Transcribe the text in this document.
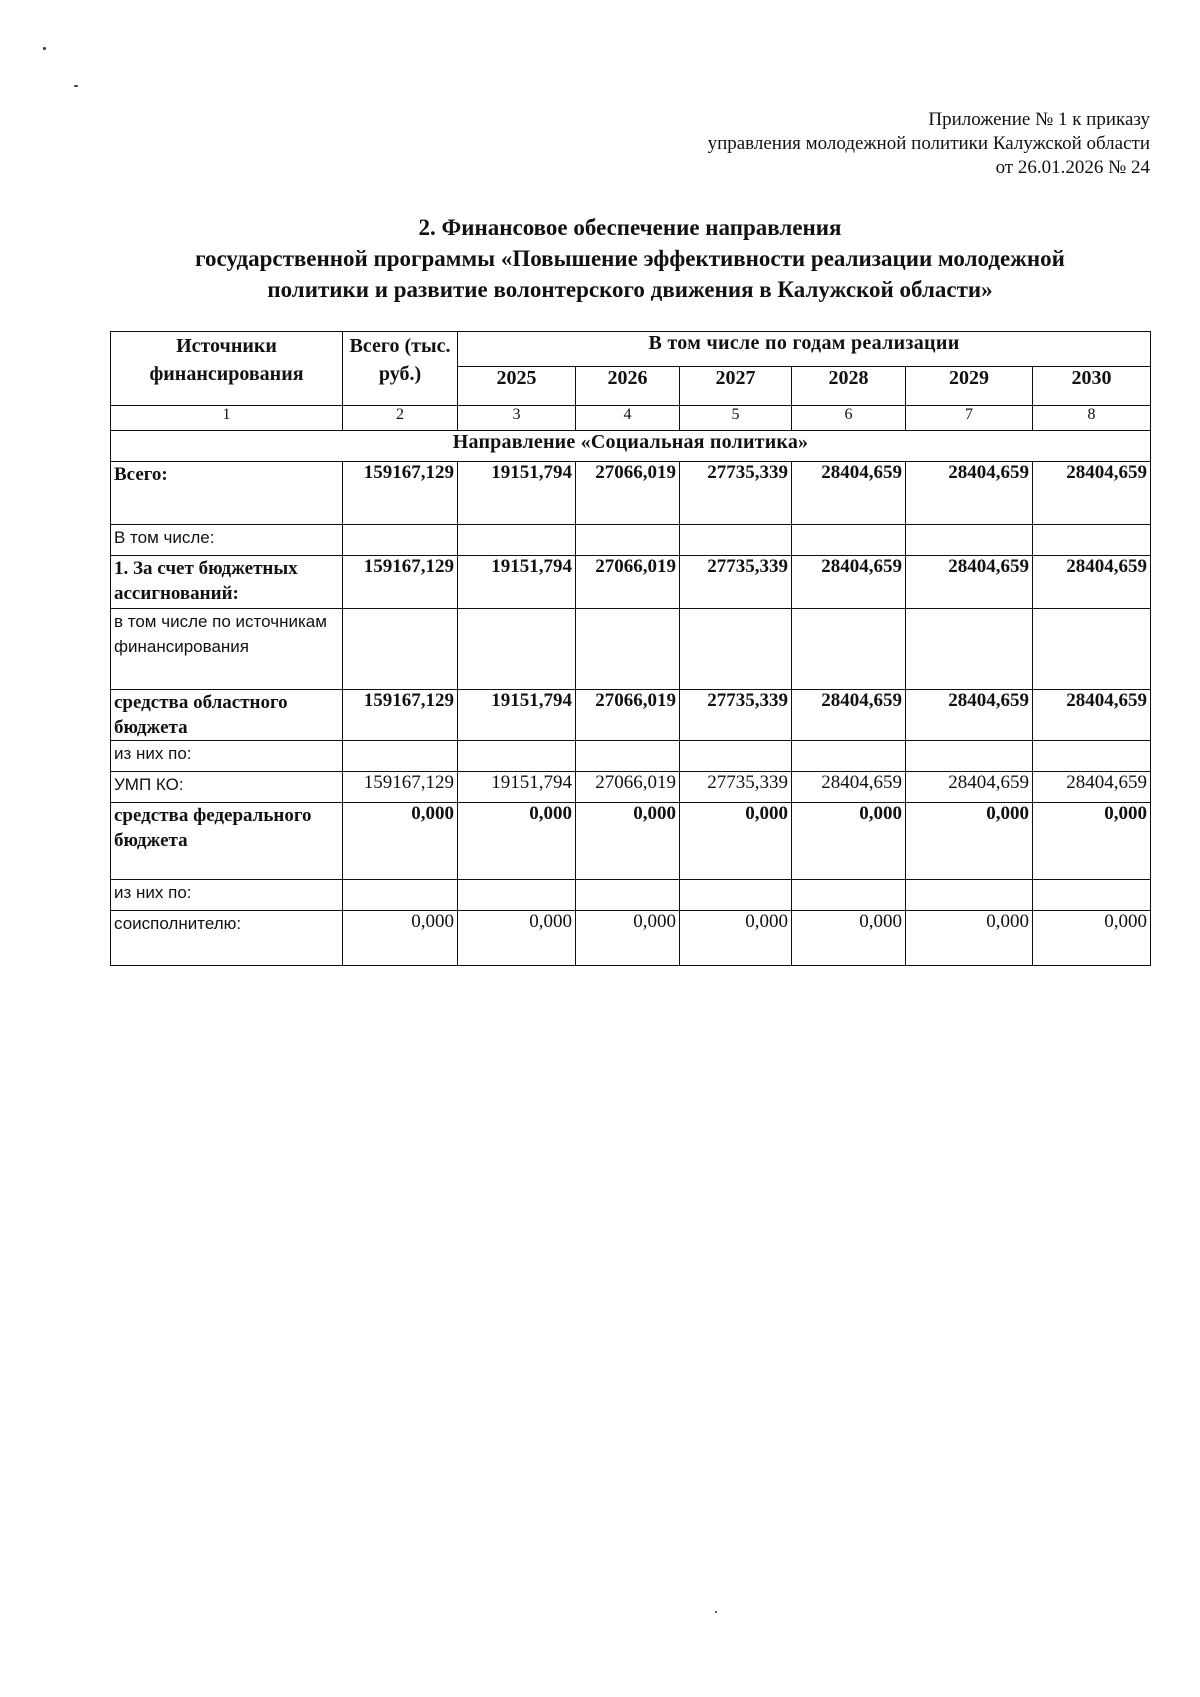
Приложение № 1 к приказу
управления молодежной политики Калужской области
от 26.01.2026 № 24
2. Финансовое обеспечение направления
государственной программы «Повышение эффективности реализации молодежной
политики и развитие волонтерского движения в Калужской области»
Источники финансирования	Всего (тыс. руб.)	В том числе по годам реализации					
		2025	2026	2027	2028	2029	2030
1	2	3	4	5	6	7	8
Направление «Социальная политика»							
Всего:	159167,129	19151,794	27066,019	27735,339	28404,659	28404,659	28404,659
В том числе:							
1. За счет бюджетных ассигнований:	159167,129	19151,794	27066,019	27735,339	28404,659	28404,659	28404,659
в том числе по источникам финансирования							
средства областного бюджета	159167,129	19151,794	27066,019	27735,339	28404,659	28404,659	28404,659
из них по:							
УМП КО:	159167,129	19151,794	27066,019	27735,339	28404,659	28404,659	28404,659
средства федерального бюджета	0,000	0,000	0,000	0,000	0,000	0,000	0,000
из них по:							
соисполнителю:	0,000	0,000	0,000	0,000	0,000	0,000	0,000
